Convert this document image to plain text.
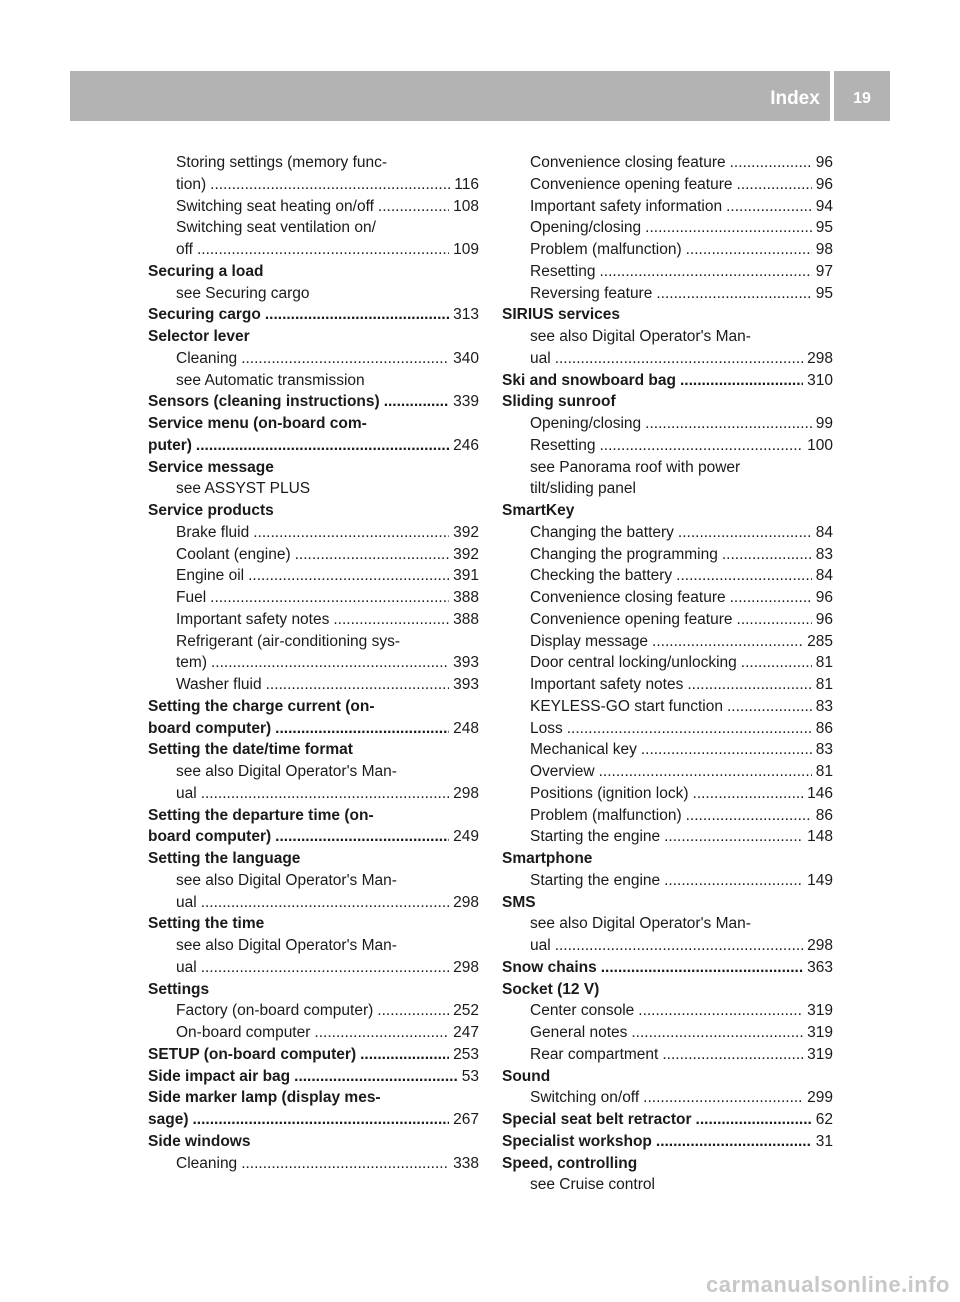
Index	19
Storing settings (memory func-
tion) .....	116
Switching seat heating on/off .....	108
Switching seat ventilation on/
off .....	109
Securing a load
see Securing cargo
Securing cargo .....	313
Selector lever
Cleaning .....	340
see Automatic transmission
Sensors (cleaning instructions) .....	339
Service menu (on-board com-
puter) .....	246
Service message
see ASSYST PLUS
Service products
Brake fluid .....	392
Coolant (engine) .....	392
Engine oil .....	391
Fuel .....	388
Important safety notes .....	388
Refrigerant (air-conditioning sys-
tem) .....	393
Washer fluid .....	393
Setting the charge current (on-
board computer) .....	248
Setting the date/time format
see also Digital Operator's Man-
ual .....	298
Setting the departure time (on-
board computer) .....	249
Setting the language
see also Digital Operator's Man-
ual .....	298
Setting the time
see also Digital Operator's Man-
ual .....	298
Settings
Factory (on-board computer) .....	252
On-board computer .....	247
SETUP (on-board computer) .....	253
Side impact air bag .....	53
Side marker lamp (display mes-
sage) .....	267
Side windows
Cleaning .....	338
Convenience closing feature .....	96
Convenience opening feature .....	96
Important safety information .....	94
Opening/closing .....	95
Problem (malfunction) .....	98
Resetting .....	97
Reversing feature .....	95
SIRIUS services
see also Digital Operator's Man-
ual .....	298
Ski and snowboard bag .....	310
Sliding sunroof
Opening/closing .....	99
Resetting .....	100
see Panorama roof with power
tilt/sliding panel
SmartKey
Changing the battery .....	84
Changing the programming .....	83
Checking the battery .....	84
Convenience closing feature .....	96
Convenience opening feature .....	96
Display message .....	285
Door central locking/unlocking .....	81
Important safety notes .....	81
KEYLESS-GO start function .....	83
Loss .....	86
Mechanical key .....	83
Overview .....	81
Positions (ignition lock) .....	146
Problem (malfunction) .....	86
Starting the engine .....	148
Smartphone
Starting the engine .....	149
SMS
see also Digital Operator's Man-
ual .....	298
Snow chains .....	363
Socket (12 V)
Center console .....	319
General notes .....	319
Rear compartment .....	319
Sound
Switching on/off .....	299
Special seat belt retractor .....	62
Specialist workshop .....	31
Speed, controlling
see Cruise control
carmanualsonline.info
